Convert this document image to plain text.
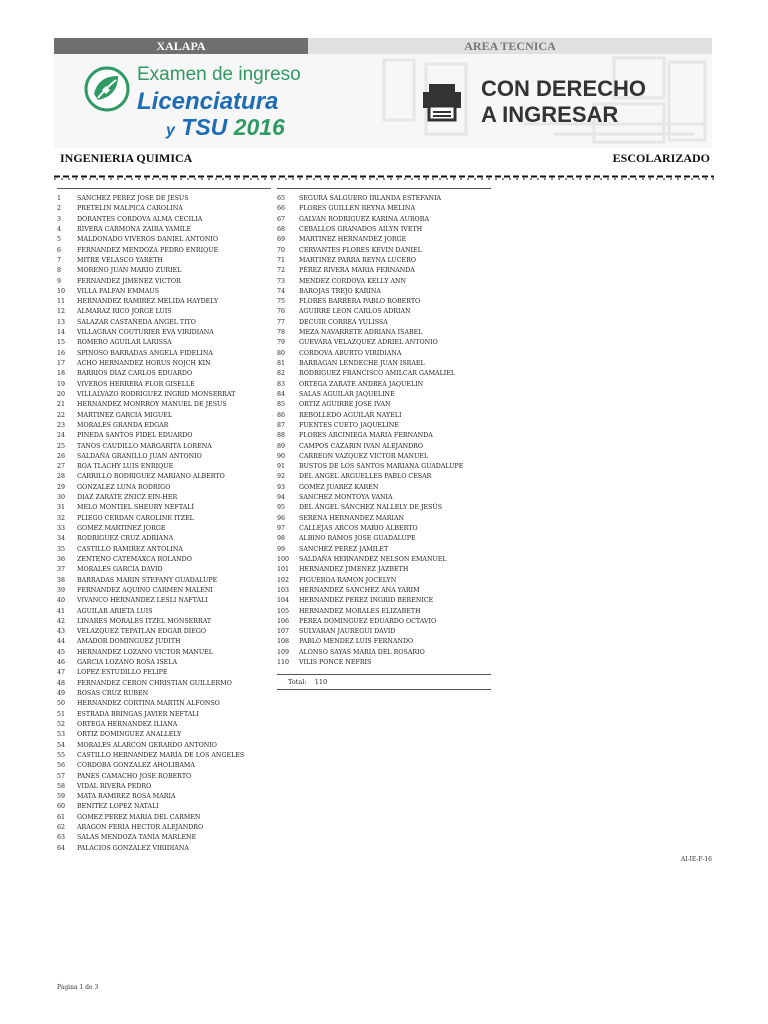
XALAPA	AREA TECNICA
Examen de ingreso
Licenciatura
y TSU 2016
CON DERECHO
A INGRESAR
INGENIERIA QUIMICA	ESCOLARIZADO
1	SANCHEZ PEREZ JOSE DE JESUS
2	PRETELIN MALPICA CAROLINA
3	DORANTES CORDOVA ALMA CECILIA
4	RIVERA CARMONA ZAIRA YAMILE
5	MALDONADO VIVEROS DANIEL ANTONIO
6	FERNANDEZ MENDOZA PEDRO ENRIQUE
7	MITRE VELASCO YARETH
8	MORENO JUAN MARIO ZURIEL
9	FERNANDEZ JIMENEZ VICTOR
10 VILLA FALFAN EMMAUS
11 HERNANDEZ RAMIREZ MELIDA HAYDELY
12 ALMARAZ RICO JORGE LUIS
13 SALAZAR CASTAÑEDA ANGEL TITO
14 VILLAGRAN COUTURIER EVA VIRIDIANA
15 ROMERO AGUILAR LARISSA
16 SPINOSO BARRADAS ANGELA FIDELINA
17 ACHO HERNANDEZ HORUS NOJCH KIN
18 BARRIOS DIAZ CARLOS EDUARDO
19 VIVEROS HERRERA FLOR GISELLE
20 VILLALVAZO RODRIGUEZ INGRID MONSERRAT
21 HERNANDEZ MONRROY MANUEL DE JESUS
22 MARTINEZ GARCIA MIGUEL
23 MORALES GRANDA EDGAR
24 PINEDA SANTOS FIDEL EDUARDO
25 TANOS CAUDILLO MARGARITA LORENA
26 SALDAÑA GRANILLO JUAN ANTONIO
27 ROA TLACHY LUIS ENRIQUE
28 CARRILLO RODRIGUEZ MARIANO ALBERTO
29 GONZALEZ LUNA RODRIGO
30 DIAZ ZARATE ZNICZ EIN-HER
31 MELO MONTIEL SHEURY NEFTALÍ
32 PLIEGO CERDAN CAROLINE ITZEL
33 GOMEZ MARTINEZ JORGE
34 RODRIGUEZ CRUZ ADRIANA
35 CASTILLO RAMIREZ ANTOLINA
36 ZENTENO CATEMAXCA ROLANDO
37 MORALES GARCIA DAVID
38 BARRADAS MARIN STEFANY GUADALUPE
39 FERNANDEZ AQUINO CARMEN MALENI
40 VIVANCO HERNANDEZ LESLI NAFTALI
41 AGUILAR ARIETA LUIS
42 LINARES MORALES ITZEL MONSERRAT
43 VELAZQUEZ TEPATLAN EDGAR DIEGO
44 AMADOR DOMINGUEZ JUDITH
45 HERNANDEZ LOZANO VICTOR MANUEL
46 GARCIA LOZANO ROSA ISELA
47 LOPEZ ESTUDILLO FELIPE
48 FERNANDEZ CERON CHRISTIAN GUILLERMO
49 ROSAS CRUZ RUBEN
50 HERNANDEZ CORTINA MARTIN ALFONSO
51 ESTRADA BRINGAS JAVIER NEFTALI
52 ORTEGA HERNANDEZ ILIANA
53 ORTIZ DOMINGUEZ ANALLELY
54 MORALES ALARCON GERARDO ANTONIO
55 CASTILLO HERNANDEZ MARÍA DE LOS ANGELES
56 CORDOBA GONZALEZ AHOLIBAMA
57 PANES CAMACHO JOSE ROBERTO
58 VIDAL RIVERA PEDRO
59 MATA RAMIREZ ROSA MARIA
60 BENITEZ LOPEZ NATALI
61 GOMEZ PEREZ MARIA DEL CARMEN
62 ARAGON FERIA HECTOR ALEJANDRO
63 SALAS MENDOZA TANIA MARLENE
64 PALACIOS GONZALEZ VIRIDIANA
65 SEGURA SALGUERO IRLANDA ESTEFANIA
66 FLORES GUILLEN REYNA MELINA
67 GALVAN RODRIGUEZ KARINA AURORA
68 CEBALLOS GRANADOS AILYN IVETH
69 MARTINEZ HERNANDEZ JORGE
70 CERVANTES FLORES KEVIN DANIEL
71 MARTINEZ PARRA REYNA LUCERO
72 PÉREZ RIVERA MARIA FERNANDA
73 MENDEZ CORDOVA KELLY ANN
74 BAROJAS TREJO KARINA
75 FLORES BARRERA PABLO ROBERTO
76 AGUIRRE LEON CARLOS ADRIAN
77 DECUIR CORREA YULISSA
78 MEZA NAVARRETE ADRIANA ISABEL
79 GUEVARA VELAZQUEZ ADRIEL ANTONIO
80 CORDOVA ABURTO VIRIDIANA
81 BARRAGAN LENDECHE JUAN ISRAEL
82 RODRIGUEZ FRANCISCO AMILCAR GAMALIEL
83 ORTEGA ZARATE ANDREA JAQUELIN
84 SALAS AGUILAR JAQUELINE
85 ORTIZ AGUIRRE JOSE IVAN
86 REBOLLEDO AGUILAR NAYELI
87 FUENTES CUETO JAQUELINE
88 FLORES ARCINIEGA MARIA FERNANDA
89 CAMPOS CAZARIN IVAN ALEJANDRO
90 CARREON VAZQUEZ VICTOR MANUEL
91 BUSTOS DE LOS SANTOS MARIANA GUADALUPE
92 DEL ANGEL ARGUELLES PABLO CESAR
93 GOMEZ JUAREZ KAREN
94 SANCHEZ MONTOYA VANIA
95 DEL ÁNGEL SÁNCHEZ NALLELY DE JESÚS
96 SERENA HERNANDEZ MARIAN
97 CALLEJAS ARCOS MARIO ALBERTO
98 ALBINO RAMOS JOSE GUADALUPE
99 SANCHEZ PEREZ JAMILET
100 SALDAÑA HERNANDEZ NELSON EMANUEL
101 HERNANDEZ JIMENEZ JAZBETH
102 FIGUEROA RAMON JOCELYN
103 HERNANDEZ SANCHEZ ANA YARIM
104 HERNANDEZ PEREZ INGRID BERENICE
105 HERNANDEZ MORALES ELIZABETH
106 PEREA DOMINGUEZ EDUARDO OCTAVIO
107 SULVARAN JAUREGUI DAVID
108 PABLO MENDEZ LUIS FERNANDO
109 ALONSO SAYAS MARIA DEL ROSARIO
110 VILIS PONCE NEFRIS
Total: 110
AI-IE-F-16
Página 1 de 3
